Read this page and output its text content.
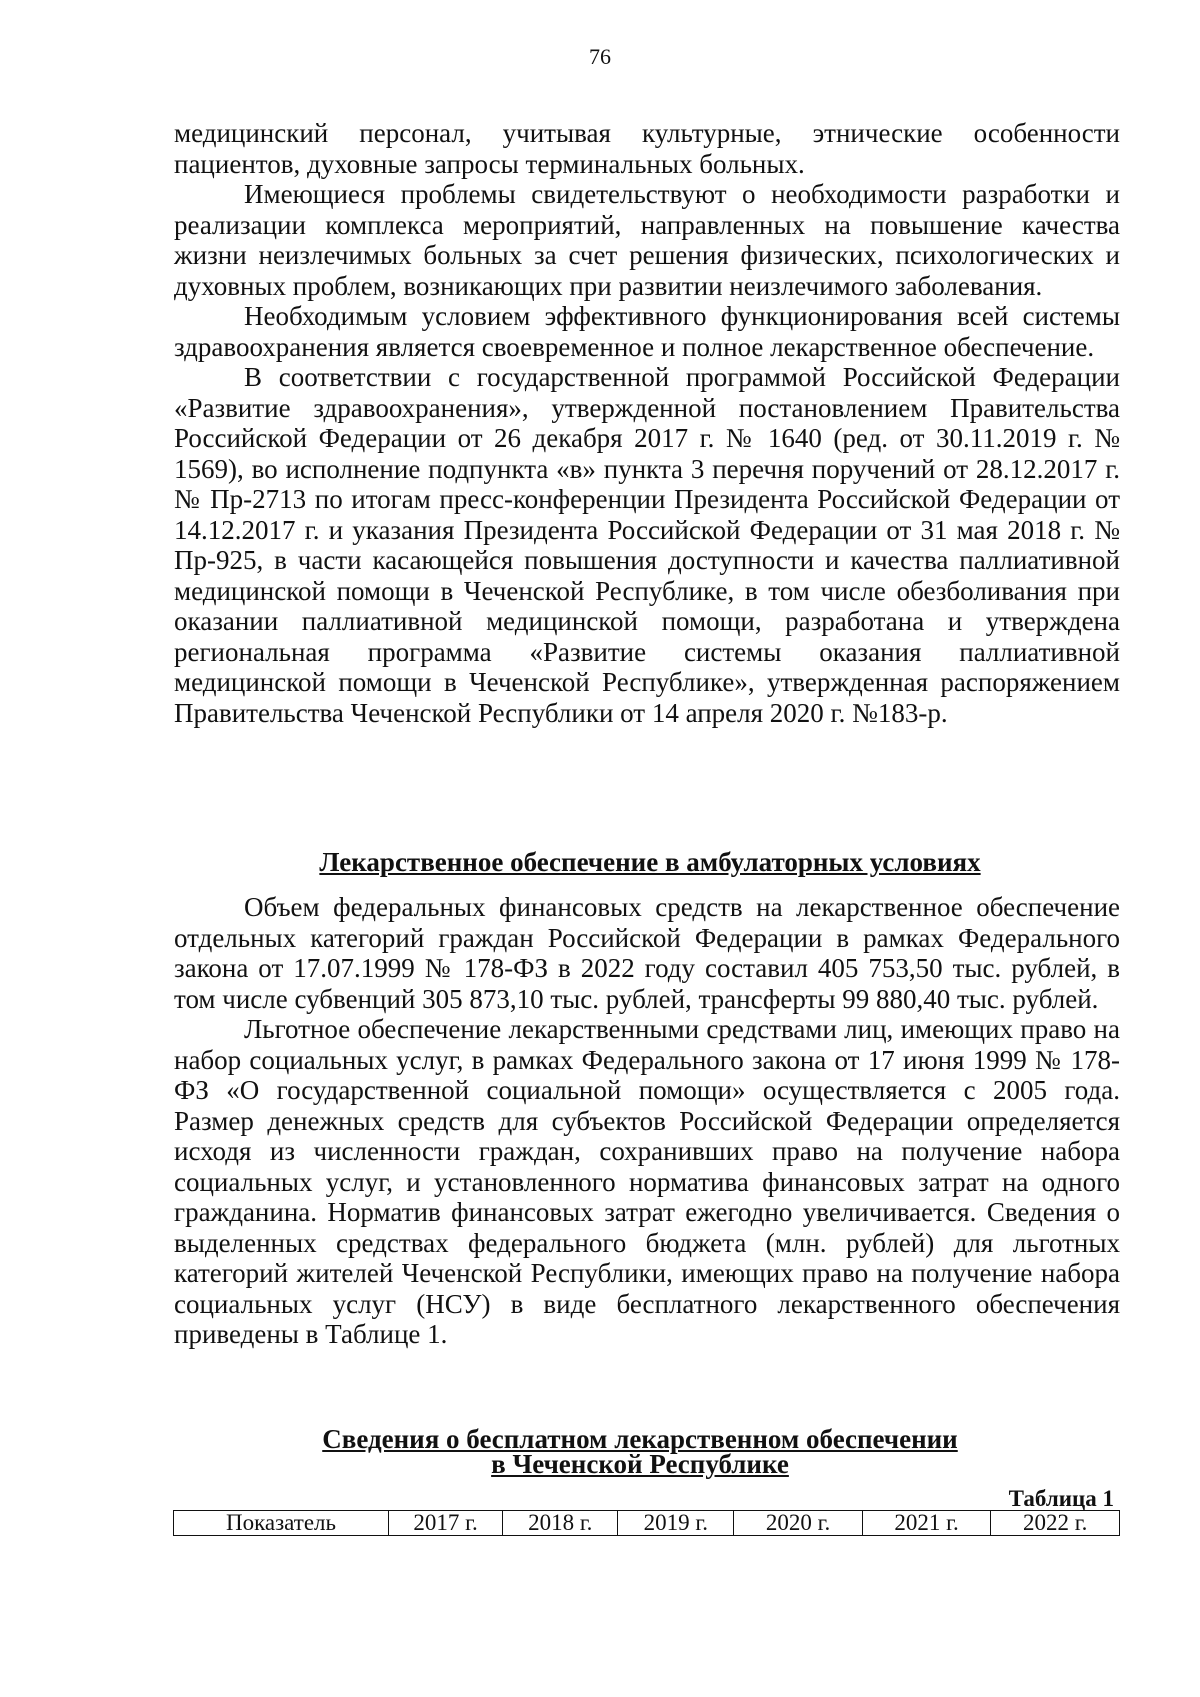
76

медицинский персонал, учитывая культурные, этнические особенности пациентов, духовные запросы терминальных больных.

Имеющиеся проблемы свидетельствуют о необходимости разработки и реализации комплекса мероприятий, направленных на повышение качества жизни неизлечимых больных за счет решения физических, психологических и духовных проблем, возникающих при развитии неизлечимого заболевания.

Необходимым условием эффективного функционирования всей системы здравоохранения является своевременное и полное лекарственное обеспечение.

В соответствии с государственной программой Российской Федерации «Развитие здравоохранения», утвержденной постановлением Правительства Российской Федерации от 26 декабря 2017 г. № 1640 (ред. от 30.11.2019 г. № 1569), во исполнение подпункта «в» пункта 3 перечня поручений от 28.12.2017 г. № Пр-2713 по итогам пресс-конференции Президента Российской Федерации от 14.12.2017 г. и указания Президента Российской Федерации от 31 мая 2018 г. № Пр-925, в части касающейся повышения доступности и качества паллиативной медицинской помощи в Чеченской Республике, в том числе обезболивания при оказании паллиативной медицинской помощи, разработана и утверждена региональная программа «Развитие системы оказания паллиативной медицинской помощи в Чеченской Республике», утвержденная распоряжением Правительства Чеченской Республики от 14 апреля 2020 г. №183-р.

Лекарственное обеспечение в амбулаторных условиях

Объем федеральных финансовых средств на лекарственное обеспечение отдельных категорий граждан Российской Федерации в рамках Федерального закона от 17.07.1999 № 178-ФЗ в 2022 году составил 405 753,50 тыс. рублей, в том числе субвенций 305 873,10 тыс. рублей, трансферты 99 880,40 тыс. рублей.

Льготное обеспечение лекарственными средствами лиц, имеющих право на набор социальных услуг, в рамках Федерального закона от 17 июня 1999 № 178-ФЗ «О государственной социальной помощи» осуществляется с 2005 года. Размер денежных средств для субъектов Российской Федерации определяется исходя из численности граждан, сохранивших право на получение набора социальных услуг, и установленного норматива финансовых затрат на одного гражданина. Норматив финансовых затрат ежегодно увеличивается. Сведения о выделенных средствах федерального бюджета (млн. рублей) для льготных категорий жителей Чеченской Республики, имеющих право на получение набора социальных услуг (НСУ) в виде бесплатного лекарственного обеспечения приведены в Таблице 1.

Сведения о бесплатном лекарственном обеспечении
в Чеченской Республике
Таблица 1
Показатель	2017 г.	2018 г.	2019 г.	2020 г.	2021 г.	2022 г.
